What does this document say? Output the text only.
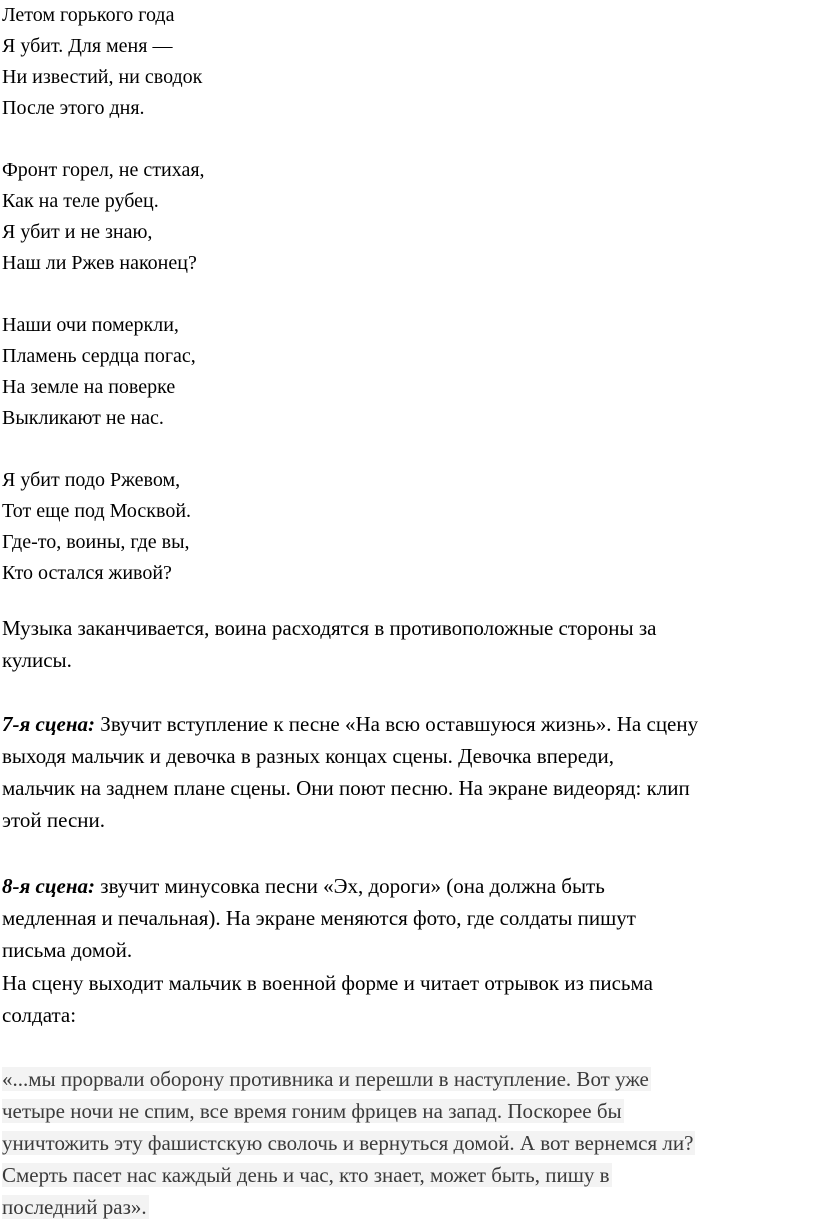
Летом горького года
Я убит. Для меня —
Ни известий, ни сводок
После этого дня.
Фронт горел, не стихая,
Как на теле рубец.
Я убит и не знаю,
Наш ли Ржев наконец?
Наши очи померкли,
Пламень сердца погас,
На земле на поверке
Выкликают не нас.
Я убит подо Ржевом,
Тот еще под Москвой.
Где-то, воины, где вы,
Кто остался живой?
Музыка заканчивается, воина расходятся в противоположные стороны за
кулисы.
7-я сцена: Звучит вступление к песне «На всю оставшуюся жизнь». На сцену
выходя мальчик и девочка в разных концах сцены. Девочка впереди,
мальчик на заднем плане сцены. Они поют песню. На экране видеоряд: клип
этой песни.
8-я сцена: звучит минусовка песни «Эх, дороги» (она должна быть
медленная и печальная). На экране меняются фото, где солдаты пишут
письма домой.
На сцену выходит мальчик в военной форме и читает отрывок из письма
солдата:
«...мы прорвали оборону противника и перешли в наступление. Вот уже
четыре ночи не спим, все время гоним фрицев на запад. Поскорее бы
уничтожить эту фашистскую сволочь и вернуться домой. А вот вернемся ли?
Смерть пасет нас каждый день и час, кто знает, может быть, пишу в
последний раз».
